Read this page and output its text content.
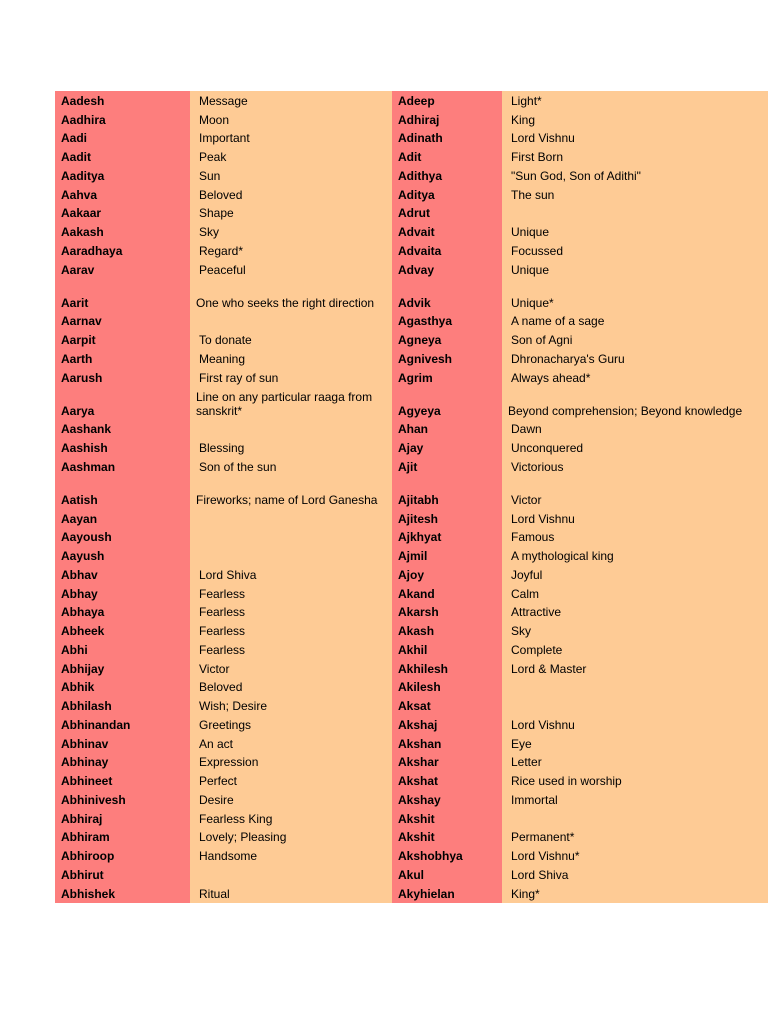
Aadesh	Message	Adeep	Light*
Aadhira	Moon	Adhiraj	King
Aadi	Important	Adinath	Lord Vishnu
Aadit	Peak	Adit	First Born
Aaditya	Sun	Adithya	"Sun God, Son of Adithi"
Aahva	Beloved	Aditya	The sun
Aakaar	Shape	Adrut	
Aakash	Sky	Advait	Unique
Aaradhaya	Regard*	Advaita	Focussed
Aarav	Peaceful	Advay	Unique
Aarit	One who seeks the right direction	Advik	Unique*
Aarnav		Agasthya	A name of a sage
Aarpit	To donate	Agneya	Son of Agni
Aarth	Meaning	Agnivesh	Dhronacharya's Guru
Aarush	First ray of sun	Agrim	Always ahead*
Aarya	Line on any particular raaga from sanskrit*	Agyeya	Beyond comprehension; Beyond knowledge
Aashank		Ahan	Dawn
Aashish	Blessing	Ajay	Unconquered
Aashman	Son of the sun	Ajit	Victorious
Aatish	Fireworks; name of Lord Ganesha	Ajitabh	Victor
Aayan		Ajitesh	Lord Vishnu
Aayoush		Ajkhyat	Famous
Aayush		Ajmil	A mythological king
Abhav	Lord Shiva	Ajoy	Joyful
Abhay	Fearless	Akand	Calm
Abhaya	Fearless	Akarsh	Attractive
Abheek	Fearless	Akash	Sky
Abhi	Fearless	Akhil	Complete
Abhijay	Victor	Akhilesh	Lord & Master
Abhik	Beloved	Akilesh	
Abhilash	Wish; Desire	Aksat	
Abhinandan	Greetings	Akshaj	Lord Vishnu
Abhinav	An act	Akshan	Eye
Abhinay	Expression	Akshar	Letter
Abhineet	Perfect	Akshat	Rice used in worship
Abhinivesh	Desire	Akshay	Immortal
Abhiraj	Fearless King	Akshit	
Abhiram	Lovely; Pleasing	Akshit	Permanent*
Abhiroop	Handsome	Akshobhya	Lord Vishnu*
Abhirut		Akul	Lord Shiva
Abhishek	Ritual	Akyhielan	King*
